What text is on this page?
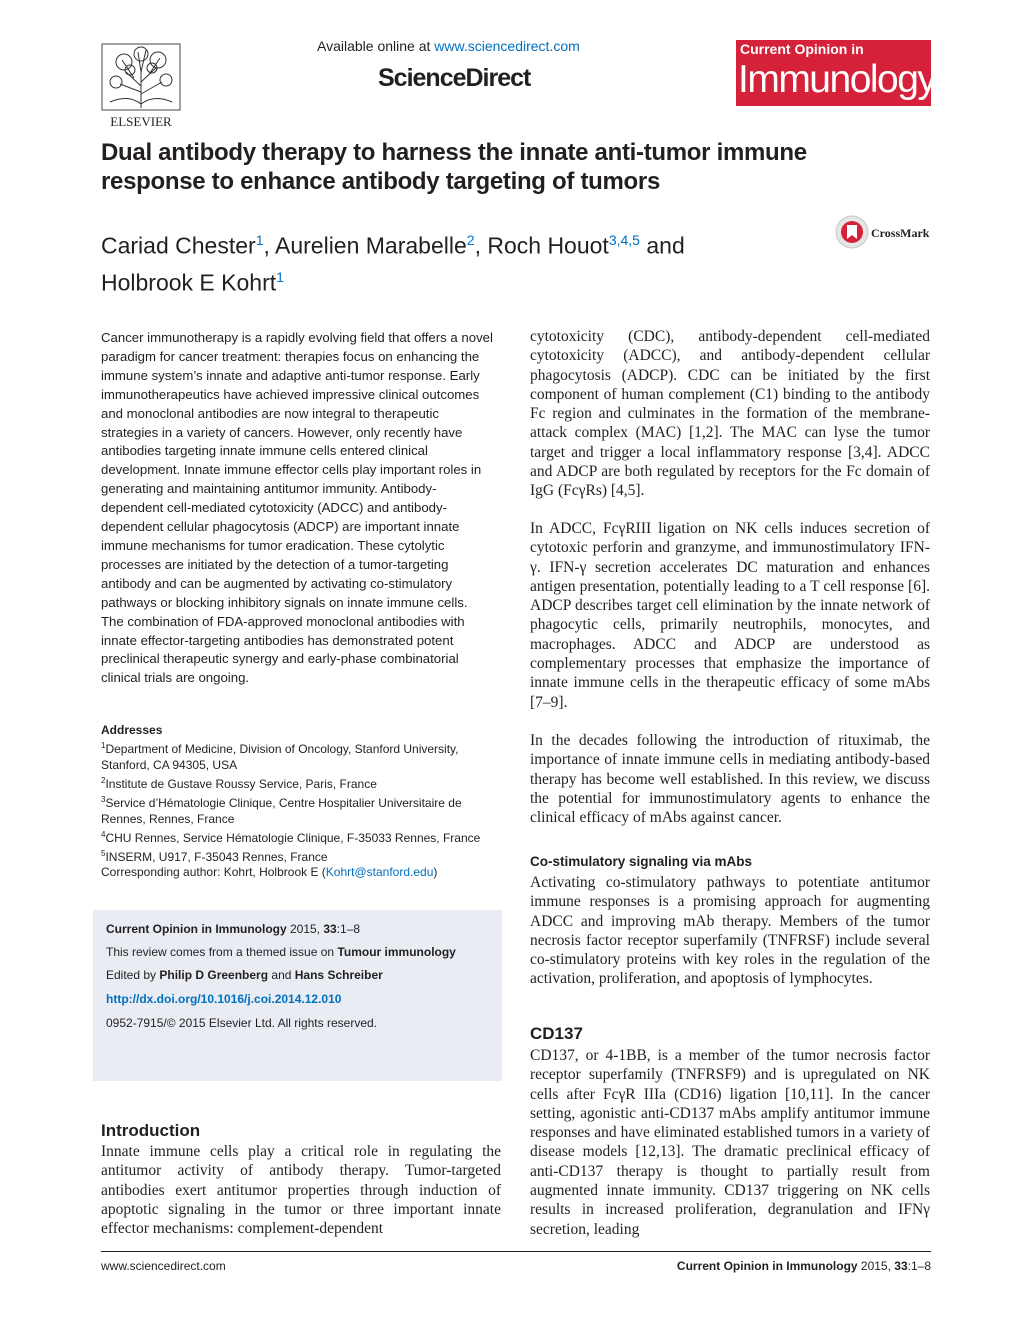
ELSEVIER
Available online at www.sciencedirect.com
ScienceDirect
Current Opinion in
Immunology
Dual antibody therapy to harness the innate anti-tumor immune response to enhance antibody targeting of tumors
Cariad Chester$^1$, Aurelien Marabelle$^2$, Roch Houot$^{3,4,5}$ and
Holbrook E Kohrt$^1$
CrossMark
Cancer immunotherapy is a rapidly evolving field that offers a novel paradigm for cancer treatment: therapies focus on enhancing the immune system’s innate and adaptive anti-tumor response. Early immunotherapeutics have achieved impressive clinical outcomes and monoclonal antibodies are now integral to therapeutic strategies in a variety of cancers. However, only recently have antibodies targeting innate immune cells entered clinical development. Innate immune effector cells play important roles in generating and maintaining antitumor immunity. Antibody-dependent cell-mediated cytotoxicity (ADCC) and antibody-dependent cellular phagocytosis (ADCP) are important innate immune mechanisms for tumor eradication. These cytolytic processes are initiated by the detection of a tumor-targeting antibody and can be augmented by activating co-stimulatory pathways or blocking inhibitory signals on innate immune cells. The combination of FDA-approved monoclonal antibodies with innate effector-targeting antibodies has demonstrated potent preclinical therapeutic synergy and early-phase combinatorial clinical trials are ongoing.
Addresses
$^1$Department of Medicine, Division of Oncology, Stanford University, Stanford, CA 94305, USA
$^2$Institute de Gustave Roussy Service, Paris, France
$^3$Service d’Hématologie Clinique, Centre Hospitalier Universitaire de Rennes, Rennes, France
$^4$CHU Rennes, Service Hématologie Clinique, F-35033 Rennes, France
$^5$INSERM, U917, F-35043 Rennes, France
Corresponding author: Kohrt, Holbrook E (Kohrt@stanford.edu)
Current Opinion in Immunology 2015, 33:1–8
This review comes from a themed issue on Tumour immunology
Edited by Philip D Greenberg and Hans Schreiber
http://dx.doi.org/10.1016/j.coi.2014.12.010
0952-7915/© 2015 Elsevier Ltd. All rights reserved.
Introduction
Innate immune cells play a critical role in regulating the antitumor activity of antibody therapy. Tumor-targeted antibodies exert antitumor properties through induction of apoptotic signaling in the tumor or three important innate effector mechanisms: complement-dependent
cytotoxicity (CDC), antibody-dependent cell-mediated cytotoxicity (ADCC), and antibody-dependent cellular phagocytosis (ADCP). CDC can be initiated by the first component of human complement (C1) binding to the antibody Fc region and culminates in the formation of the membrane-attack complex (MAC) [1,2]. The MAC can lyse the tumor target and trigger a local inflammatory response [3,4]. ADCC and ADCP are both regulated by receptors for the Fc domain of IgG (FcγRs) [4,5].
In ADCC, FcγRIII ligation on NK cells induces secretion of cytotoxic perforin and granzyme, and immunostimulatory IFN-γ. IFN-γ secretion accelerates DC maturation and enhances antigen presentation, potentially leading to a T cell response [6]. ADCP describes target cell elimination by the innate network of phagocytic cells, primarily neutrophils, monocytes, and macrophages. ADCC and ADCP are understood as complementary processes that emphasize the importance of innate immune cells in the therapeutic efficacy of some mAbs [7–9].
In the decades following the introduction of rituximab, the importance of innate immune cells in mediating antibody-based therapy has become well established. In this review, we discuss the potential for immunostimulatory agents to enhance the clinical efficacy of mAbs against cancer.
Co-stimulatory signaling via mAbs
Activating co-stimulatory pathways to potentiate antitumor immune responses is a promising approach for augmenting ADCC and improving mAb therapy. Members of the tumor necrosis factor receptor superfamily (TNFRSF) include several co-stimulatory proteins with key roles in the regulation of the activation, proliferation, and apoptosis of lymphocytes.
CD137
CD137, or 4-1BB, is a member of the tumor necrosis factor receptor superfamily (TNFRSF9) and is upregulated on NK cells after FcγR IIIa (CD16) ligation [10,11]. In the cancer setting, agonistic anti-CD137 mAbs amplify antitumor immune responses and have eliminated established tumors in a variety of disease models [12,13]. The dramatic preclinical efficacy of anti-CD137 therapy is thought to partially result from augmented innate immunity. CD137 triggering on NK cells results in increased proliferation, degranulation and IFNγ secretion, leading
www.sciencedirect.com	Current Opinion in Immunology 2015, 33:1–8
